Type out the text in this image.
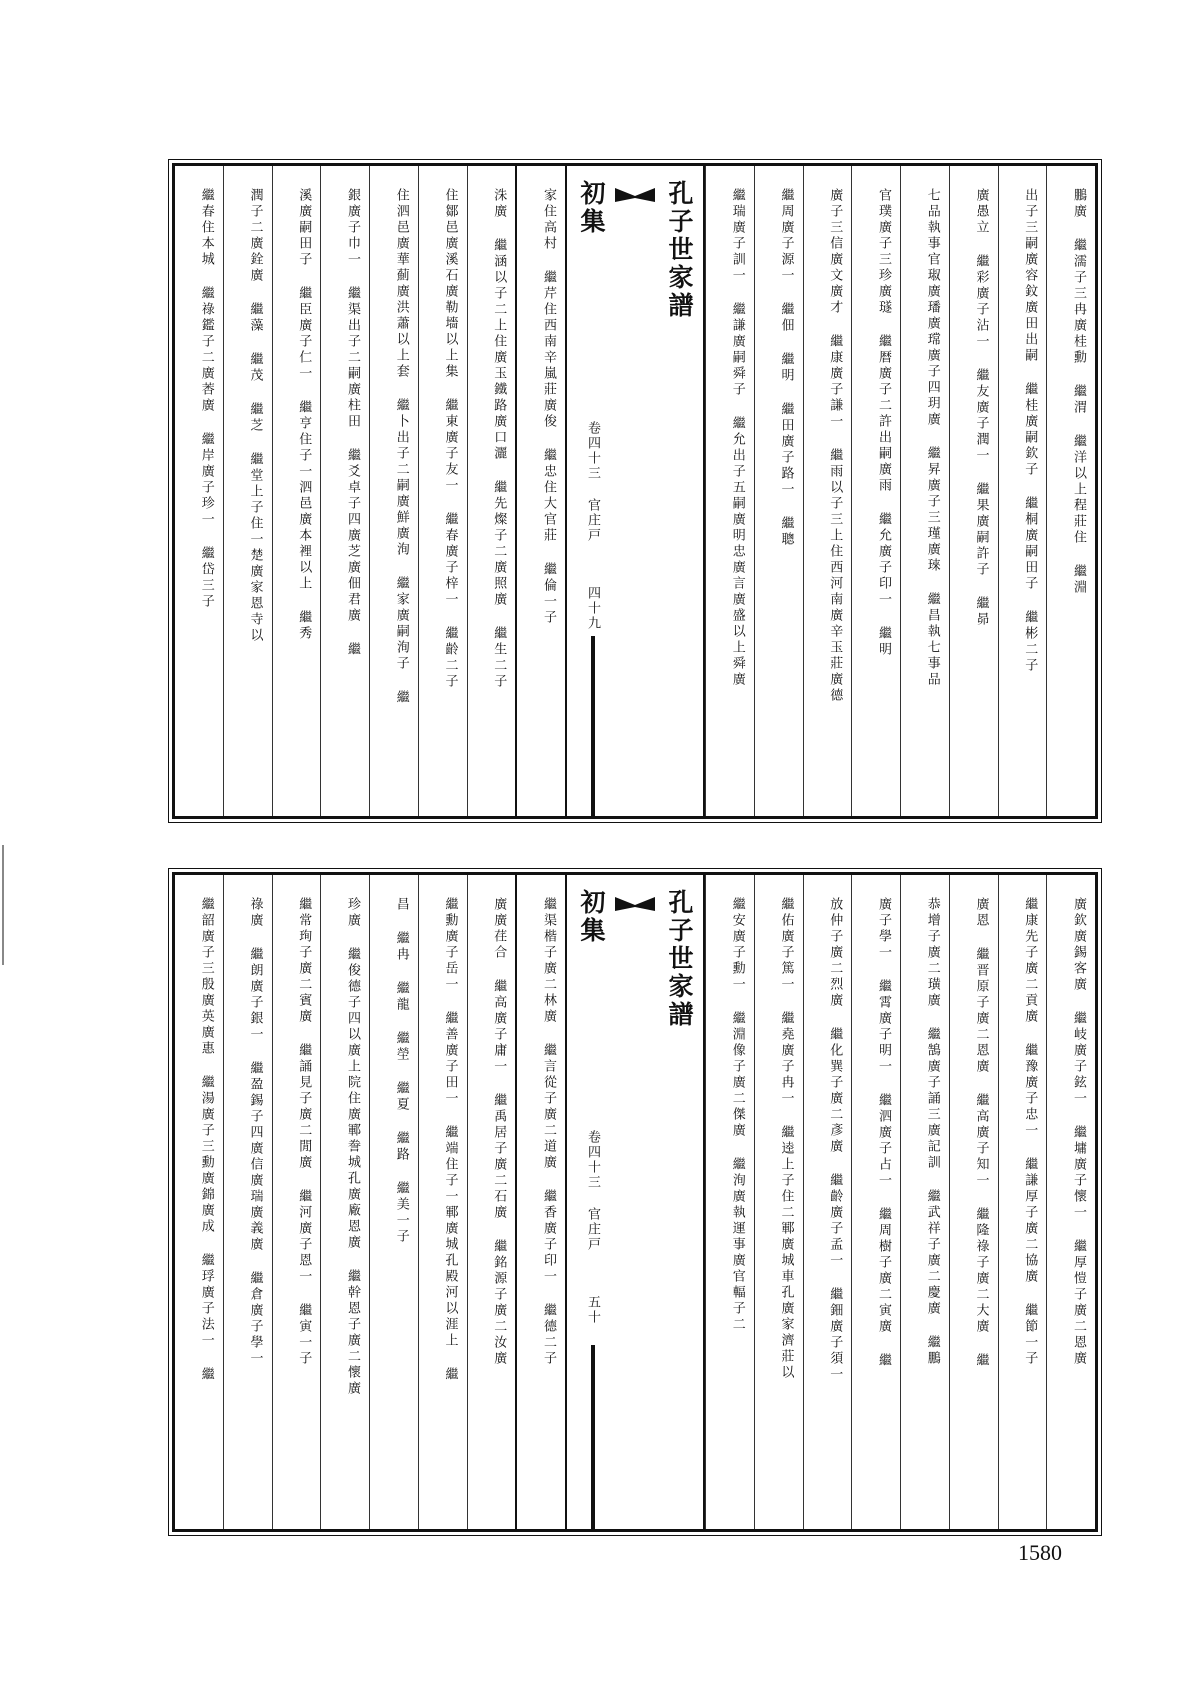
鵬廣 繼濡子三冉廣桂勳 繼渭 繼洋以上程莊住 繼淵
出子三嗣廣容鈫廣田出嗣 繼桂廣嗣欽子 繼桐廣嗣田子 繼彬二子
廣愚立 繼彩廣子沾一 繼友廣子潤一 繼果廣嗣許子 繼昴
七品執事官琡廣璠廣瑺廣子四玥廣 繼昇廣子三瑾廣琜 繼昌執七事品
官璞廣子三珍廣璲 繼暦廣子二許出嗣廣雨 繼允廣子印一 繼明
廣子三信廣文廣才 繼康廣子謙一 繼雨以子三上住西河南廣辛玉莊廣德
繼周廣子源一 繼佃 繼明 繼田廣子路一 繼聰
繼瑞廣子訓一 繼謙廣嗣舜子 繼允出子五嗣廣明忠廣言廣盛以上舜廣
孔子世家譜
初集
卷四十三 官庄戸
四十九
家住高村 繼芹住西南辛嵐莊廣俊 繼忠住大官莊 繼倫一子
洙廣 繼涵以子二上住廣玉鐵路廣口灑 繼先燦子二廣照廣 繼生二子
住鄒邑廣溪石廣勒墻以上集 繼東廣子友一 繼春廣子梓一 繼齡二子
住泗邑廣華薊廣洪蕭以上套 繼卜出子二嗣廣鮮廣洵 繼家廣嗣洵子 繼
銀廣子巾一 繼渠出子二嗣廣柱田 繼爻卓子四廣芝廣佃君廣 繼
溪廣嗣田子 繼臣廣子仁一 繼亨住子一泗邑廣本裡以上 繼秀
潤子二廣銓廣 繼藻 繼茂 繼芝 繼堂上子住一楚廣家恩寺以
繼春住本城 繼祿鑑子二廣莕廣 繼岸廣子珍一 繼岱三子
廣欽廣錫客廣 繼岐廣子鉉一 繼墉廣子懷一 繼厚愷子廣二恩廣
繼康先子廣二貢廣 繼豫廣子忠一 繼謙厚子廣二協廣 繼節一子
廣恩 繼晋原子廣二恩廣 繼高廣子知一 繼隆祿子廣二大廣 繼
恭增子廣二璜廣 繼鵠廣子誦三廣記訓 繼武祥子廣二慶廣 繼鵬
廣子學一 繼霄廣子明一 繼泗廣子占一 繼周樹子廣二寅廣 繼
放仲子廣二烈廣 繼化巽子廣二彥廣 繼齡廣子孟一 繼鈿廣子須一
繼佑廣子篤一 繼堯廣子冉一 繼逵上子住二鄆廣城車孔廣家濟莊以
繼安廣子勳一 繼淵像子廣二傑廣 繼洵廣執運事廣官輻子二
孔子世家譜
初集
卷四十三 官庄戸
五十
繼渠楷子廣二林廣 繼言從子廣二道廣 繼香廣子印一 繼德二子
廣廣荏合 繼高廣子庸一 繼禹居子廣二石廣 繼銘源子廣二汝廣
繼勳廣子岳一 繼善廣子田一 繼端住子一鄆廣城孔殿河以涯上 繼
昌 繼冉 繼龍 繼塋 繼夏 繼路 繼美一子
珍廣 繼俊德子四以廣上院住廣鄆誊城孔廣廠恩廣 繼幹恩子廣二懷廣
繼常珣子廣二賓廣 繼誦見子廣二閒廣 繼河廣子恩一 繼寅一子
祿廣 繼朗廣子銀一 繼盈錫子四廣信廣瑞廣義廣 繼倉廣子學一
繼韶廣子三殷廣英廣惠 繼湯廣子三勳廣錦廣成 繼琈廣子法一 繼
1580
